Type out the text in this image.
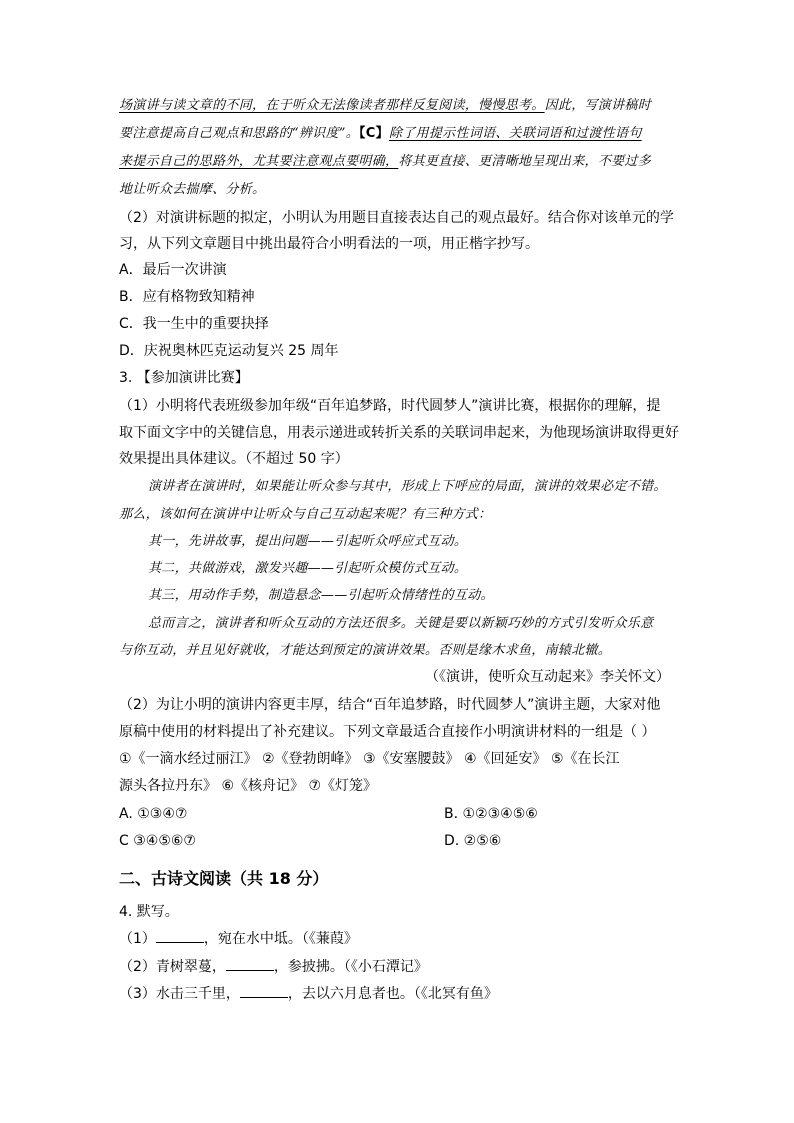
场演讲与读文章的不同，在于听众无法像读者那样反复阅读，慢慢思考。因此，写演讲稿时
要注意提高自己观点和思路的“辨识度”。【C】除了用提示性词语、关联词语和过渡性语句
来提示自己的思路外，尤其要注意观点要明确，将其更直接、更清晰地呈现出来，不要过多
地让听众去揣摩、分析。
（2）对演讲标题的拟定，小明认为用题目直接表达自己的观点最好。结合你对该单元的学
习，从下列文章题目中挑出最符合小明看法的一项，用正楷字抄写。
A．最后一次讲演
B．应有格物致知精神
C．我一生中的重要抉择
D．庆祝奥林匹克运动复兴 25 周年
3. 【参加演讲比赛】
（1）小明将代表班级参加年级“百年追梦路，时代圆梦人”演讲比赛，根据你的理解，提
取下面文字中的关键信息，用表示递进或转折关系的关联词串起来，为他现场演讲取得更好
效果提出具体建议。（不超过 50 字）
演讲者在演讲时，如果能让听众参与其中，形成上下呼应的局面，演讲的效果必定不错。
那么，该如何在演讲中让听众与自己互动起来呢？有三种方式：
其一，先讲故事，提出问题——引起听众呼应式互动。
其二，共做游戏，激发兴趣——引起听众模仿式互动。
其三，用动作手势，制造悬念——引起听众情绪性的互动。
总而言之，演讲者和听众互动的方法还很多。关键是要以新颖巧妙的方式引发听众乐意
与你互动，并且见好就收，才能达到预定的演讲效果。否则是缘木求鱼，南辕北辙。
（《演讲，使听众互动起来》李关怀文）
（2）为让小明的演讲内容更丰厚，结合“百年追梦路，时代圆梦人”演讲主题，大家对他
原稿中使用的材料提出了补充建议。下列文章最适合直接作小明演讲材料的一组是（ ）
①《一滴水经过丽江》 ②《登勃朗峰》 ③《安塞腰鼓》 ④《回延安》 ⑤《在长江
源头各拉丹东》 ⑥《核舟记》 ⑦《灯笼》
A. ①③④⑦	B. ①②③④⑤⑥
C ③④⑤⑥⑦	D. ②⑤⑥
二、古诗文阅读（共 18 分）
4. 默写。
（1）	，宛在水中坻。（《蒹葭》
（2）青树翠蔓，	，参披拂。（《小石潭记》
（3）水击三千里，	，去以六月息者也。（《北冥有鱼》
